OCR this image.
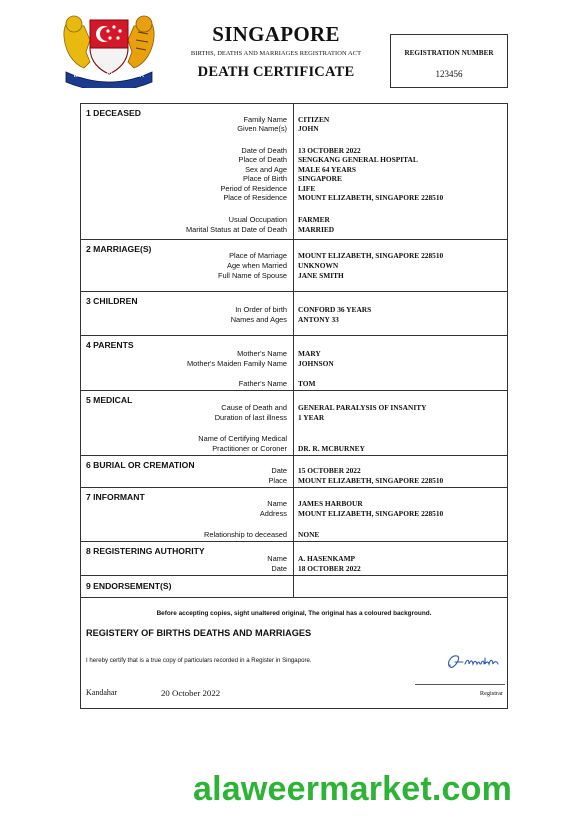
MAJULAH SINGAPURA
SINGAPORE
BIRTHS, DEATHS AND MARRIAGES REGISTRATION ACT
DEATH CERTIFICATE
REGISTRATION NUMBER
123456
1 DECEASED
Family Name CITIZEN
Given Name(s) JOHN
Date of Death 13 OCTOBER 2022
Place of Death SENGKANG GENERAL HOSPITAL
Sex and Age MALE 64 YEARS
Place of Birth SINGAPORE
Period of Residence LIFE
Place of Residence MOUNT ELIZABETH, SINGAPORE 228510
Usual Occupation FARMER
Marital Status at Date of Death MARRIED
2 MARRIAGE(S)
Place of Marriage MOUNT ELIZABETH, SINGAPORE 228510
Age when Married UNKNOWN
Full Name of Spouse JANE SMITH
3 CHILDREN
In Order of birth CONFORD 36 YEARS
Names and Ages ANTONY 33
4 PARENTS
Mother's Name MARY
Mother's Maiden Family Name JOHNSON
Father's Name TOM
5 MEDICAL
Cause of Death and GENERAL PARALYSIS OF INSANITY
Duration of last illness 1 YEAR
Name of Certifying Medical
Practitioner or Coroner DR. R. MCBURNEY
6 BURIAL OR CREMATION
Date 15 OCTOBER 2022
Place MOUNT ELIZABETH, SINGAPORE 228510
7 INFORMANT
Name JAMES HARBOUR
Address MOUNT ELIZABETH, SINGAPORE 228510
Relationship to deceased NONE
8 REGISTERING AUTHORITY
Name A. HASENKAMP
Date 18 OCTOBER 2022
9 ENDORSEMENT(S)
Before accepting copies, sight unaltered original, The original has a coloured background.
REGISTERY OF BIRTHS DEATHS AND MARRIAGES
I hereby certify that is a true copy of particulars recorded in a Register in Singapore.
Kandahar	20 October 2022	Registrar
alaweermarket.com
